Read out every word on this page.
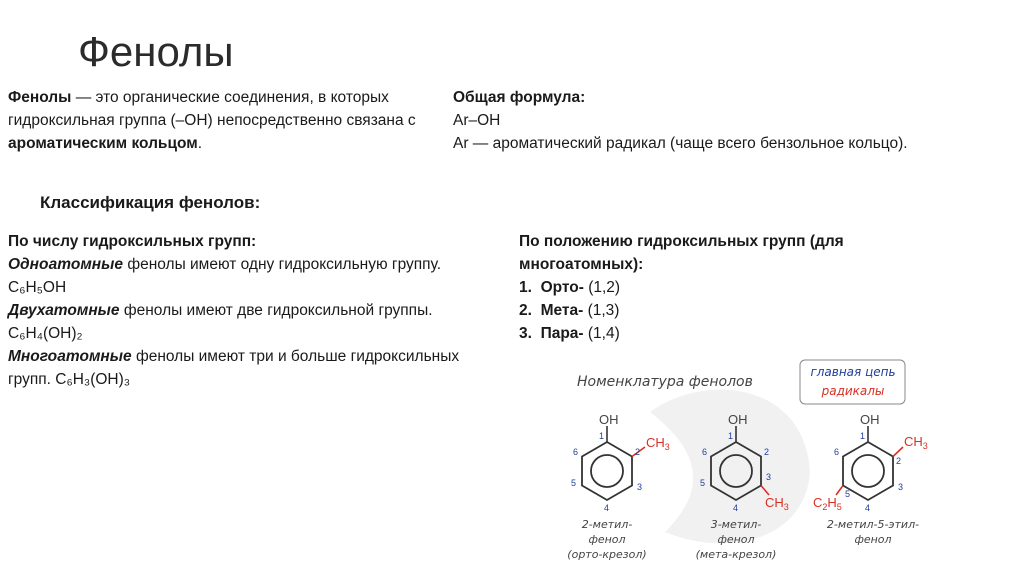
Фенолы
Фенолы — это органические соединения, в которых гидроксильная группа (–OH) непосредственно связана с ароматическим кольцом.
Общая формула:
Ar–OH
Ar — ароматический радикал (чаще всего бензольное кольцо).
Классификация фенолов:
По числу гидроксильных групп:
Одноатомные фенолы имеют одну гидроксильную группу. C₆H₅OH
Двухатомные фенолы имеют две гидроксильной группы. C₆H₄(OH)₂
Многоатомные фенолы имеют три и больше гидроксильных групп. C₆H₃(OH)₃
По положению гидроксильных групп (для многоатомных):
1. Орто- (1,2)
2. Мета- (1,3)
3. Пара- (1,4)
Номенклатура фенолов
главная цепь
радикалы
OH
$CH_3$
1
2
3
4
5
6
2-метил-
фенол
(орто-крезол)
OH
$CH_3$
1
2
3
4
5
6
3-метил-
фенол
(мета-крезол)
OH
$CH_3$
$C_2H_5$
1
2
3
4
5
6
2-метил-5-этил-
фенол
